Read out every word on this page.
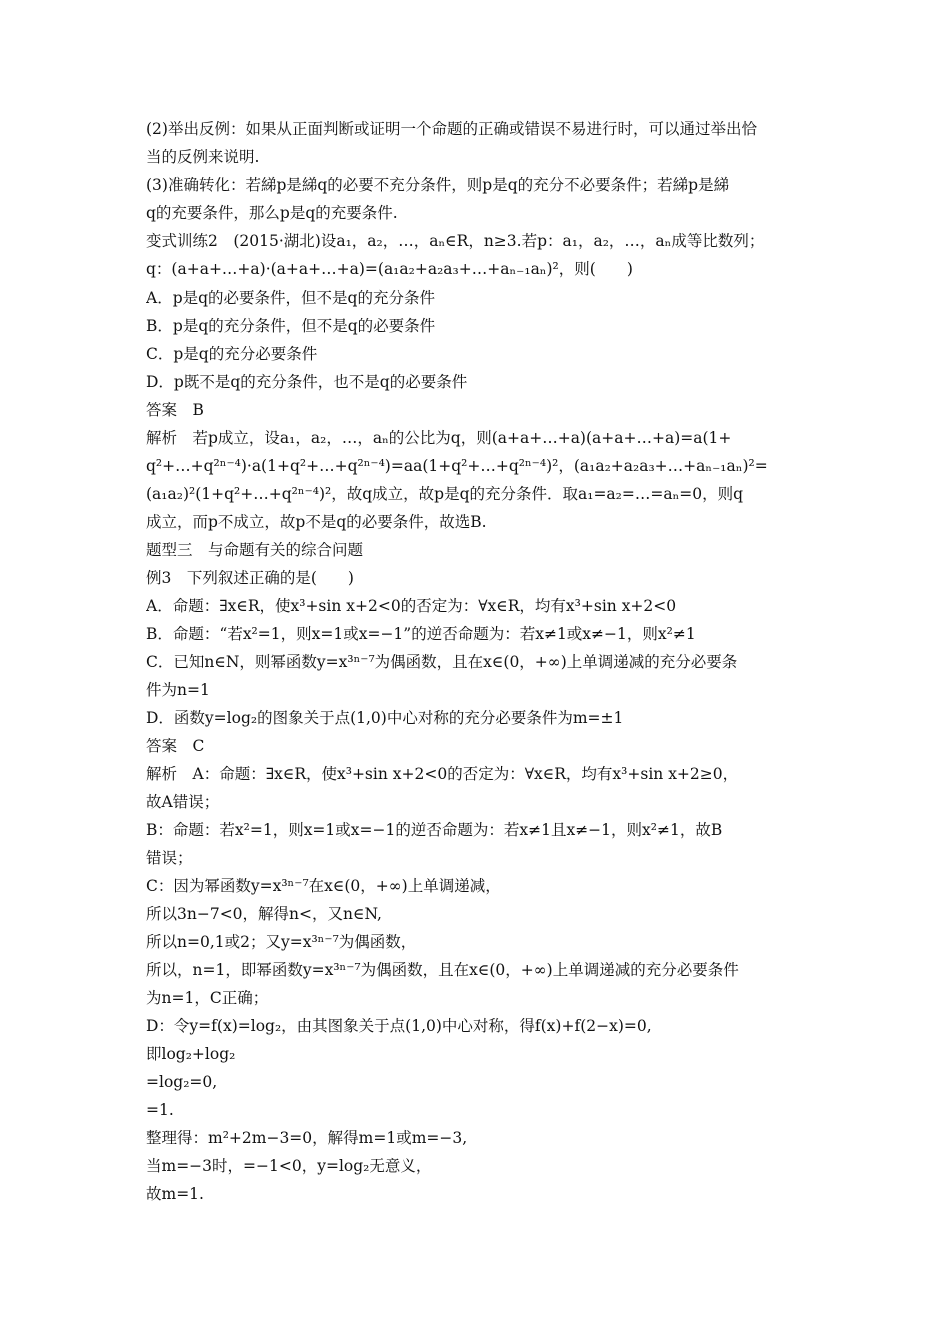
(2)举出反例：如果从正面判断或证明一个命题的正确或错误不易进行时，可以通过举出恰
当的反例来说明.
(3)准确转化：若綈p是綈q的必要不充分条件，则p是q的充分不必要条件；若綈p是綈
q的充要条件，那么p是q的充要条件.
变式训练2　(2015·湖北)设a₁，a₂，…，aₙ∈R，n≥3.若p：a₁，a₂，…，aₙ成等比数列；
q：(a+a+…+a)·(a+a+…+a)=(a₁a₂+a₂a₃+…+aₙ₋₁aₙ)²，则(　　)
A．p是q的必要条件，但不是q的充分条件
B．p是q的充分条件，但不是q的必要条件
C．p是q的充分必要条件
D．p既不是q的充分条件，也不是q的必要条件
答案　B
解析　若p成立，设a₁，a₂，…，aₙ的公比为q，则(a+a+…+a)(a+a+…+a)=a(1+
q²+…+q²ⁿ⁻⁴)·a(1+q²+…+q²ⁿ⁻⁴)=aa(1+q²+…+q²ⁿ⁻⁴)²，(a₁a₂+a₂a₃+…+aₙ₋₁aₙ)²=
(a₁a₂)²(1+q²+…+q²ⁿ⁻⁴)²，故q成立，故p是q的充分条件．取a₁=a₂=…=aₙ=0，则q
成立，而p不成立，故p不是q的必要条件，故选B.
题型三　与命题有关的综合问题
例3　下列叙述正确的是(　　)
A．命题：∃x∈R，使x³+sin x+2<0的否定为：∀x∈R，均有x³+sin x+2<0
B．命题：“若x²=1，则x=1或x=−1”的逆否命题为：若x≠1或x≠−1，则x²≠1
C．已知n∈N，则幂函数y=x³ⁿ⁻⁷为偶函数，且在x∈(0，+∞)上单调递减的充分必要条
件为n=1
D．函数y=log₂的图象关于点(1,0)中心对称的充分必要条件为m=±1
答案　C
解析　A：命题：∃x∈R，使x³+sin x+2<0的否定为：∀x∈R，均有x³+sin x+2≥0，
故A错误；
B：命题：若x²=1，则x=1或x=−1的逆否命题为：若x≠1且x≠−1，则x²≠1，故B
错误；
C：因为幂函数y=x³ⁿ⁻⁷在x∈(0，+∞)上单调递减，
所以3n−7<0，解得n<，又n∈N,
所以n=0,1或2；又y=x³ⁿ⁻⁷为偶函数，
所以，n=1，即幂函数y=x³ⁿ⁻⁷为偶函数，且在x∈(0，+∞)上单调递减的充分必要条件
为n=1，C正确；
D：令y=f(x)=log₂，由其图象关于点(1,0)中心对称，得f(x)+f(2−x)=0,
即log₂+log₂
=log₂=0,
=1.
整理得：m²+2m−3=0，解得m=1或m=−3,
当m=−3时，=−1<0，y=log₂无意义，
故m=1.
